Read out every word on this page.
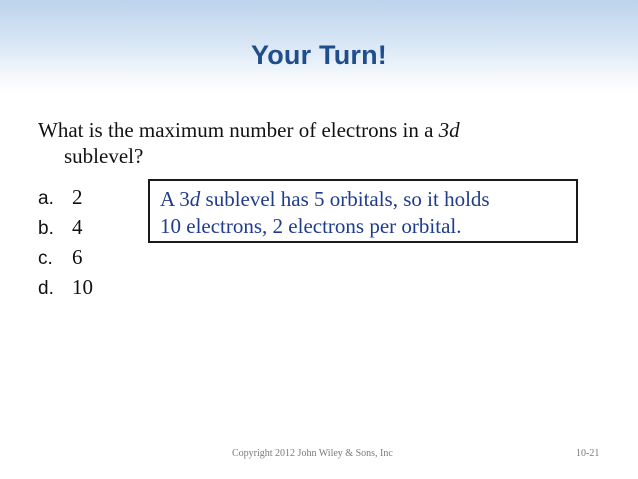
Your Turn!
What is the maximum number of electrons in a 3d
sublevel?
a. 2
b. 4
c. 6
d. 10
A 3d sublevel has 5 orbitals, so it holds
10 electrons, 2 electrons per orbital.
Copyright 2012 John Wiley & Sons, Inc	10-21
